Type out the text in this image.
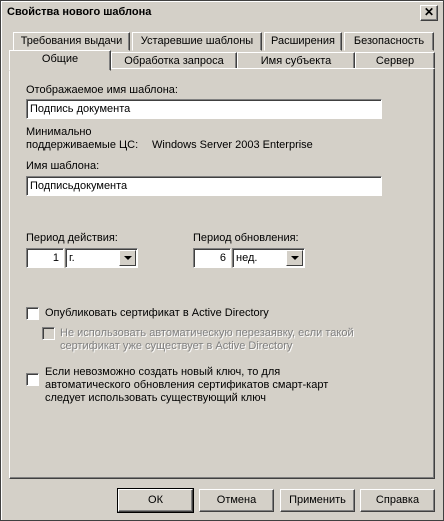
Свойства нового шаблона	✕
Требования выдачи	Устаревшие шаблоны	Расширения	Безопасность
Общие	Обработка запроса	Имя субъекта	Сервер
Отображаемое имя шаблона:
Подпись документа
Минимально
поддерживаемые ЦС: Windows Server 2003 Enterprise
Имя шаблона:
Подписьдокумента
Период действия:
1 г.
Период обновления:
6 нед.
Опубликовать сертификат в Active Directory
Не использовать автоматическую перезаявку, если такой
сертификат уже существует в Active Directory
Если невозможно создать новый ключ, то для
автоматического обновления сертификатов смарт-карт
следует использовать существующий ключ
ОК	Отмена	Применить	Справка
